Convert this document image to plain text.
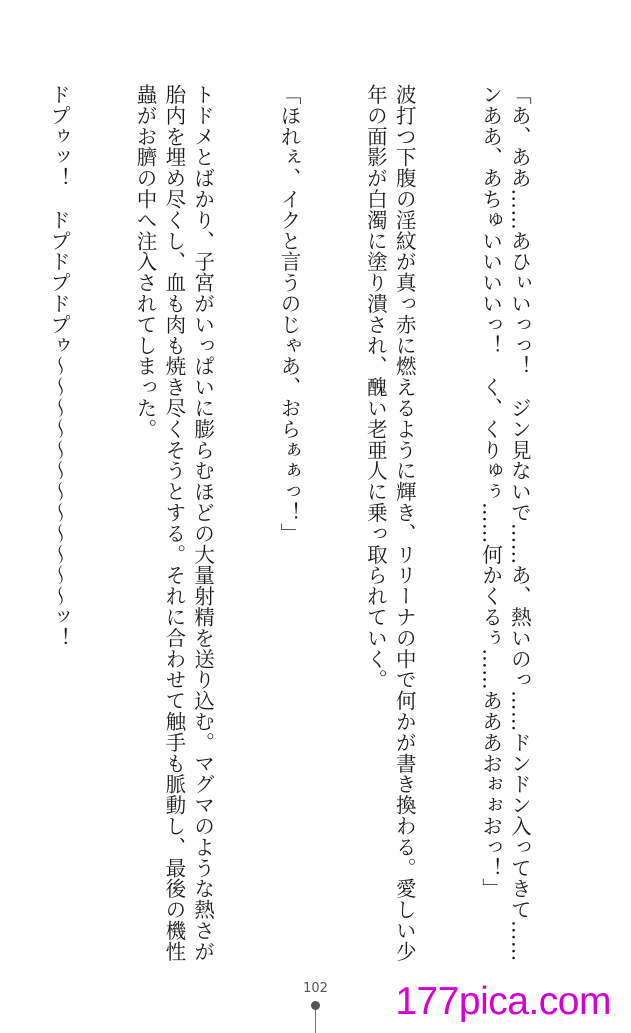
「あ、ああ……あひぃいっっ！　ジン見ないで……あ、熱いのっ……ドンドン入ってきて……ンああ、あちゅいいいいっ！　く、くりゅぅ……何かくるぅ……あああおぉぉおっ！」

波打つ下腹の淫紋が真っ赤に燃えるように輝き、リリーナの中で何かが書き換わる。愛しい少年の面影が白濁に塗り潰され、醜い老亜人に乗っ取られていく。

「ほれぇ、イクと言うのじゃあ、おらぁぁっ！」

トドメとばかり、子宮がいっぱいに膨らむほどの大量射精を送り込む。マグマのような熱さが胎内を埋め尽くし、血も肉も焼き尽くそうとする。それに合わせて触手も脈動し、最後の機性蟲がお臍の中へ注入されてしまった。

ドプゥッ！　ドプドプドプゥ〜〜〜〜〜〜〜〜〜〜〜〜ッ！

102	177pica.com
